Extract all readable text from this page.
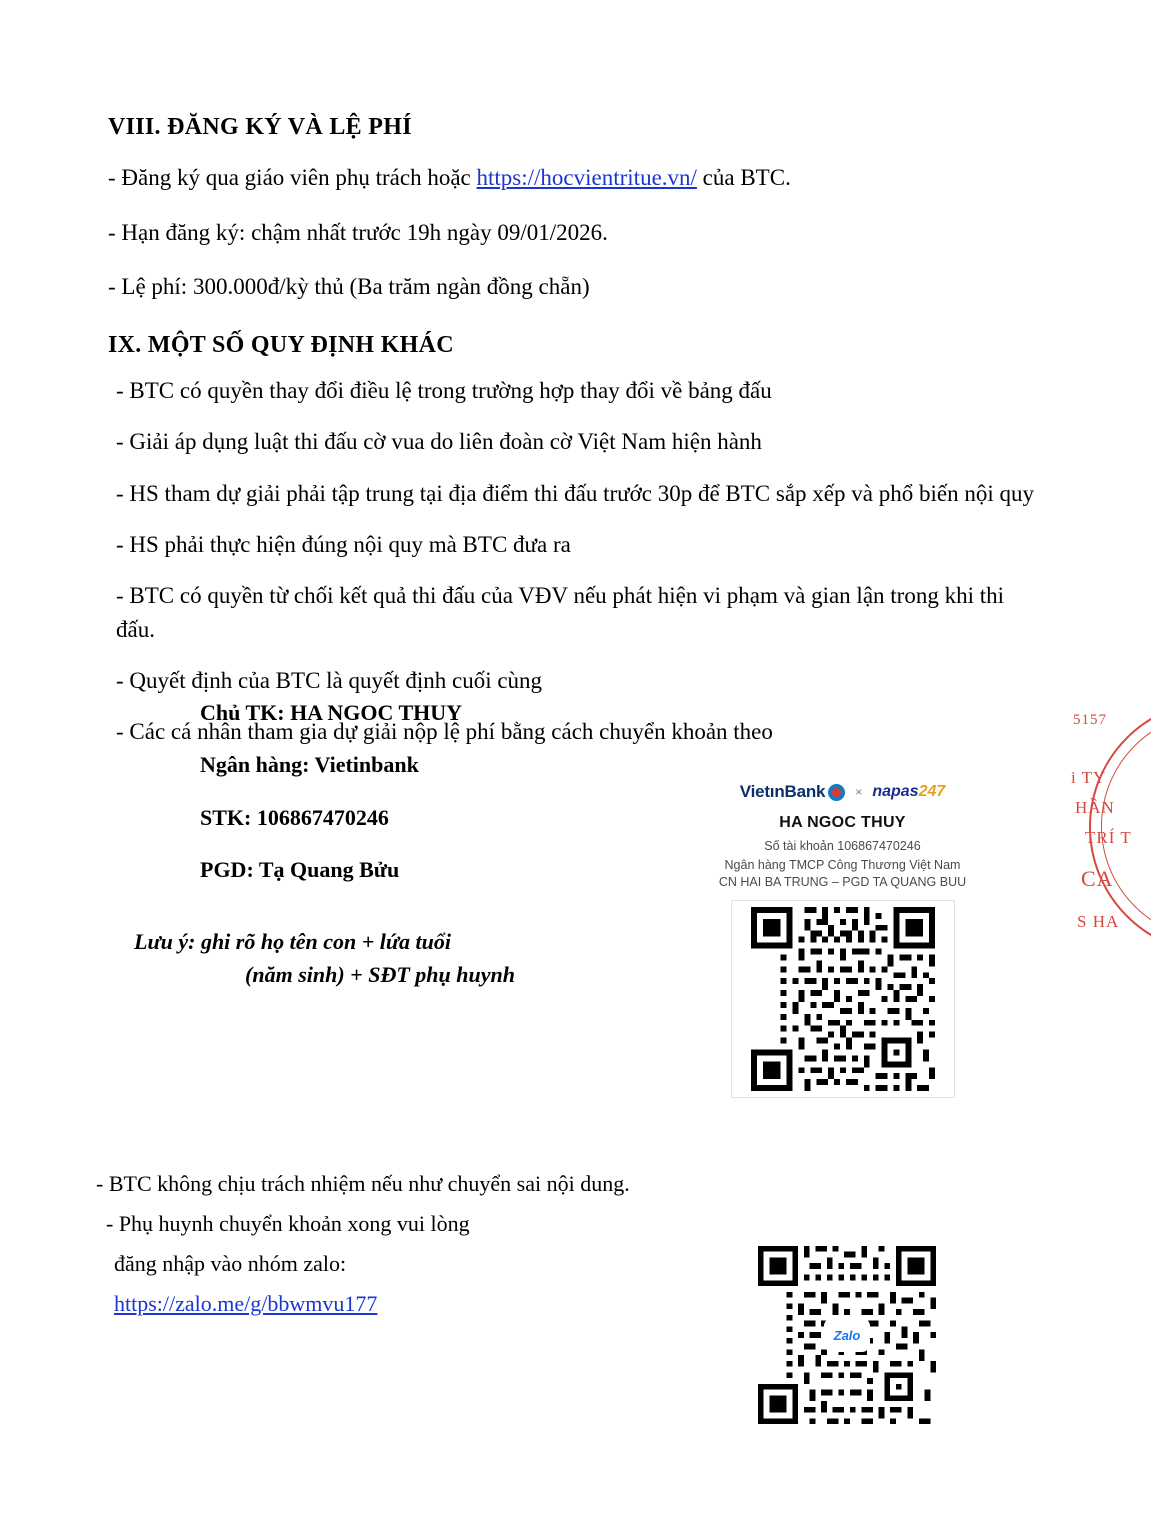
VIII. ĐĂNG KÝ VÀ LỆ PHÍ

- Đăng ký qua giáo viên phụ trách hoặc https://hocvientritue.vn/ của BTC.

- Hạn đăng ký: chậm nhất trước 19h ngày 09/01/2026.

- Lệ phí: 300.000đ/kỳ thủ (Ba trăm ngàn đồng chẵn)

IX. MỘT SỐ QUY ĐỊNH KHÁC

- BTC có quyền thay đổi điều lệ trong trường hợp thay đổi về bảng đấu

- Giải áp dụng luật thi đấu cờ vua do liên đoàn cờ Việt Nam hiện hành

- HS tham dự giải phải tập trung tại địa điểm thi đấu trước 30p để BTC sắp xếp và phổ biến nội quy

- HS phải thực hiện đúng nội quy mà BTC đưa ra

- BTC có quyền từ chối kết quả thi đấu của VĐV nếu phát hiện vi phạm và gian lận trong khi thi đấu.

- Quyết định của BTC là quyết định cuối cùng

- Các cá nhân tham gia dự giải nộp lệ phí bằng cách chuyển khoản theo

Chủ TK: HA NGOC THUY

Ngân hàng: Vietinbank

STK: 106867470246

PGD: Tạ Quang Bửu

Lưu ý: ghi rõ họ tên con + lứa tuổi
(năm sinh) + SĐT phụ huynh
VietınBank	× napas247
HA NGOC THUY
Số tài khoản 106867470246
Ngân hàng TMCP Công Thương Việt Nam
CN HAI BA TRUNG – PGD TA QUANG BUU

- BTC không chịu trách nhiệm nếu như chuyển sai nội dung.

- Phụ huynh chuyển khoản xong vui lòng

đăng nhập vào nhóm zalo:

https://zalo.me/g/bbwmvu177

Zalo
5157
i TY
HẦN
TRÍ T
CA
S HA
